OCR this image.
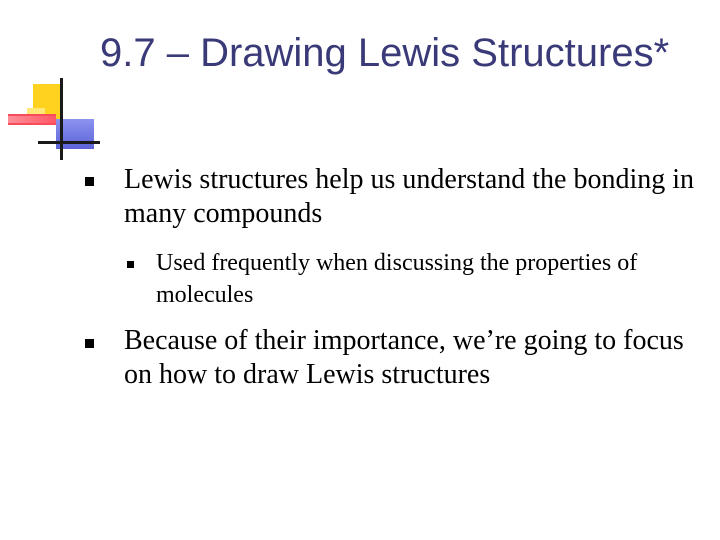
9.7 – Drawing Lewis Structures*
Lewis structures help us understand the bonding in many compounds
Used frequently when discussing the properties of molecules
Because of their importance, we’re going to focus on how to draw Lewis structures
